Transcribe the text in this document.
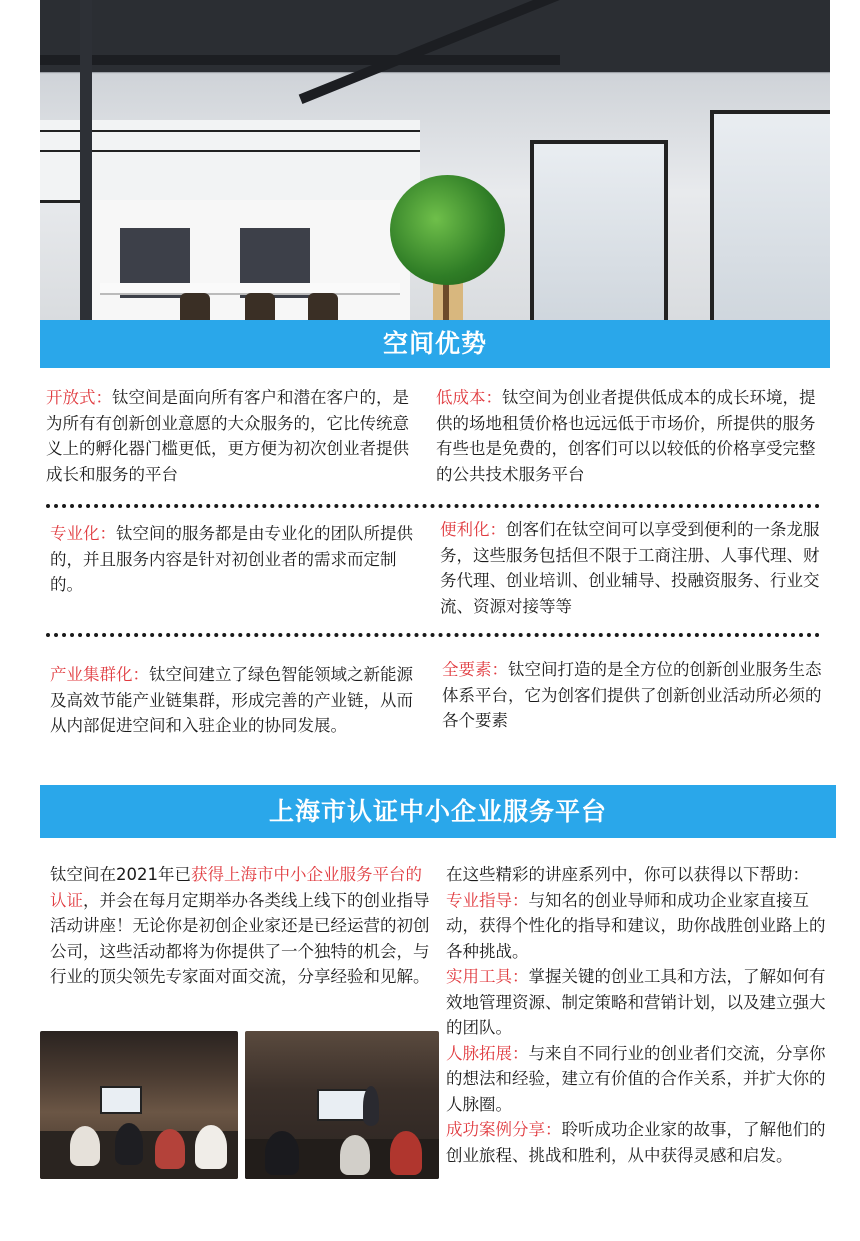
空间优势
开放式：钛空间是面向所有客户和潜在客户的，是为所有有创新创业意愿的大众服务的，它比传统意义上的孵化器门槛更低，更方便为初次创业者提供成长和服务的平台
低成本：钛空间为创业者提供低成本的成长环境，提供的场地租赁价格也远远低于市场价，所提供的服务有些也是免费的，创客们可以以较低的价格享受完整的公共技术服务平台
专业化：钛空间的服务都是由专业化的团队所提供的，并且服务内容是针对初创业者的需求而定制的。
便利化：创客们在钛空间可以享受到便利的一条龙服务，这些服务包括但不限于工商注册、人事代理、财务代理、创业培训、创业辅导、投融资服务、行业交流、资源对接等等
产业集群化：钛空间建立了绿色智能领域之新能源及高效节能产业链集群，形成完善的产业链，从而从内部促进空间和入驻企业的协同发展。
全要素：钛空间打造的是全方位的创新创业服务生态体系平台，它为创客们提供了创新创业活动所必须的各个要素
上海市认证中小企业服务平台
钛空间在2021年已获得上海市中小企业服务平台的认证，并会在每月定期举办各类线上线下的创业指导活动讲座！无论你是初创企业家还是已经运营的初创公司，这些活动都将为你提供了一个独特的机会，与行业的顶尖领先专家面对面交流，分享经验和见解。
在这些精彩的讲座系列中，你可以获得以下帮助：
专业指导：与知名的创业导师和成功企业家直接互动，获得个性化的指导和建议，助你战胜创业路上的各种挑战。
实用工具：掌握关键的创业工具和方法，了解如何有效地管理资源、制定策略和营销计划，以及建立强大的团队。
人脉拓展：与来自不同行业的创业者们交流，分享你的想法和经验，建立有价值的合作关系，并扩大你的人脉圈。
成功案例分享：聆听成功企业家的故事，了解他们的创业旅程、挑战和胜利，从中获得灵感和启发。
